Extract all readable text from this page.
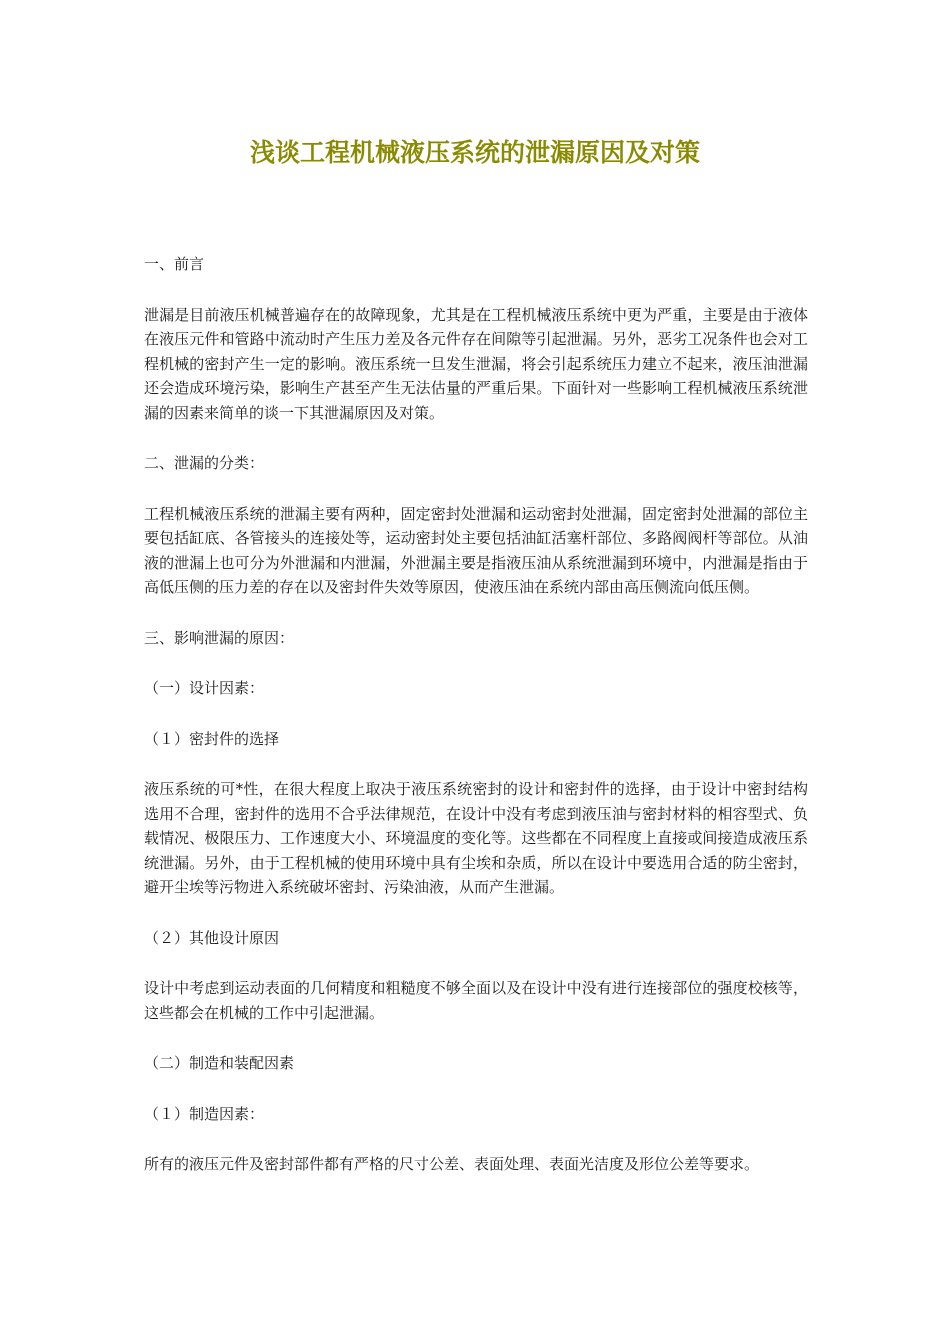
浅谈工程机械液压系统的泄漏原因及对策
一、前言
泄漏是目前液压机械普遍存在的故障现象，尤其是在工程机械液压系统中更为严重，主要是由于液体在液压元件和管路中流动时产生压力差及各元件存在间隙等引起泄漏。另外，恶劣工况条件也会对工程机械的密封产生一定的影响。液压系统一旦发生泄漏，将会引起系统压力建立不起来，液压油泄漏还会造成环境污染，影响生产甚至产生无法估量的严重后果。下面针对一些影响工程机械液压系统泄漏的因素来简单的谈一下其泄漏原因及对策。
二、泄漏的分类：
工程机械液压系统的泄漏主要有两种，固定密封处泄漏和运动密封处泄漏，固定密封处泄漏的部位主要包括缸底、各管接头的连接处等，运动密封处主要包括油缸活塞杆部位、多路阀阀杆等部位。从油液的泄漏上也可分为外泄漏和内泄漏，外泄漏主要是指液压油从系统泄漏到环境中，内泄漏是指由于高低压侧的压力差的存在以及密封件失效等原因，使液压油在系统内部由高压侧流向低压侧。
三、影响泄漏的原因：
（一）设计因素：
（１）密封件的选择
液压系统的可*性，在很大程度上取决于液压系统密封的设计和密封件的选择，由于设计中密封结构选用不合理，密封件的选用不合乎法律规范，在设计中没有考虑到液压油与密封材料的相容型式、负载情况、极限压力、工作速度大小、环境温度的变化等。这些都在不同程度上直接或间接造成液压系统泄漏。另外，由于工程机械的使用环境中具有尘埃和杂质，所以在设计中要选用合适的防尘密封，避开尘埃等污物进入系统破坏密封、污染油液，从而产生泄漏。
（２）其他设计原因
设计中考虑到运动表面的几何精度和粗糙度不够全面以及在设计中没有进行连接部位的强度校核等，这些都会在机械的工作中引起泄漏。
（二）制造和装配因素
（１）制造因素：
所有的液压元件及密封部件都有严格的尺寸公差、表面处理、表面光洁度及形位公差等要求。
